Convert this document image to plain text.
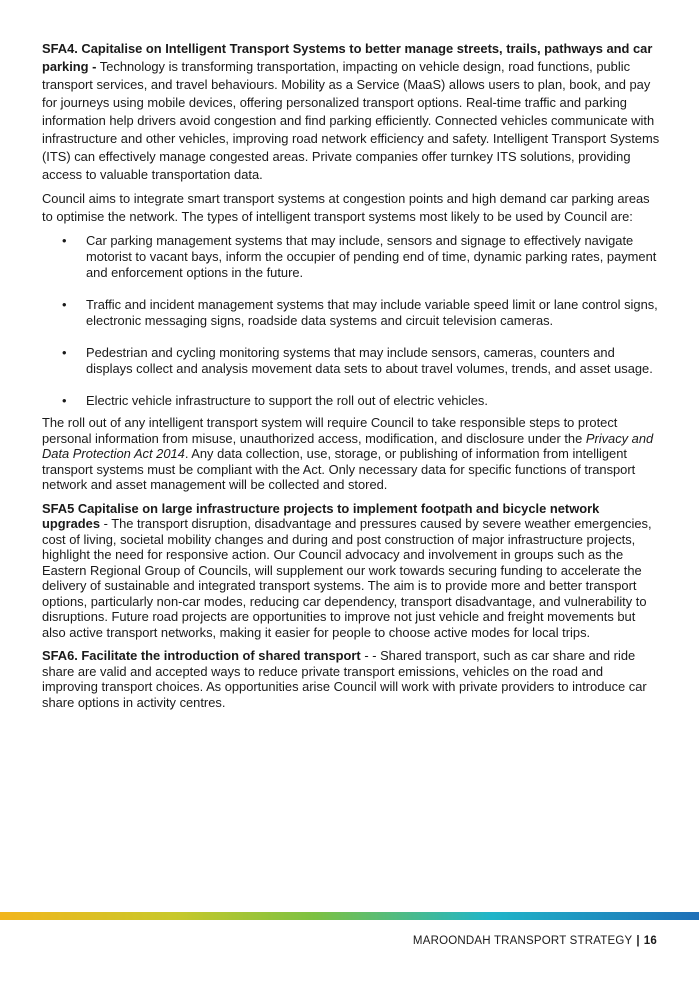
SFA4. Capitalise on Intelligent Transport Systems to better manage streets, trails, pathways and car parking - Technology is transforming transportation, impacting on vehicle design, road functions, public transport services, and travel behaviours. Mobility as a Service (MaaS) allows users to plan, book, and pay for journeys using mobile devices, offering personalized transport options. Real-time traffic and parking information help drivers avoid congestion and find parking efficiently. Connected vehicles communicate with infrastructure and other vehicles, improving road network efficiency and safety. Intelligent Transport Systems (ITS) can effectively manage congested areas. Private companies offer turnkey ITS solutions, providing access to valuable transportation data.

Council aims to integrate smart transport systems at congestion points and high demand car parking areas to optimise the network. The types of intelligent transport systems most likely to be used by Council are:

• Car parking management systems that may include, sensors and signage to effectively navigate motorist to vacant bays, inform the occupier of pending end of time, dynamic parking rates, payment and enforcement options in the future.
• Traffic and incident management systems that may include variable speed limit or lane control signs, electronic messaging signs, roadside data systems and circuit television cameras.
• Pedestrian and cycling monitoring systems that may include sensors, cameras, counters and displays collect and analysis movement data sets to about travel volumes, trends, and asset usage.
• Electric vehicle infrastructure to support the roll out of electric vehicles.

The roll out of any intelligent transport system will require Council to take responsible steps to protect personal information from misuse, unauthorized access, modification, and disclosure under the Privacy and Data Protection Act 2014. Any data collection, use, storage, or publishing of information from intelligent transport systems must be compliant with the Act. Only necessary data for specific functions of transport network and asset management will be collected and stored.

SFA5 Capitalise on large infrastructure projects to implement footpath and bicycle network upgrades - The transport disruption, disadvantage and pressures caused by severe weather emergencies, cost of living, societal mobility changes and during and post construction of major infrastructure projects, highlight the need for responsive action. Our Council advocacy and involvement in groups such as the Eastern Regional Group of Councils, will supplement our work towards securing funding to accelerate the delivery of sustainable and integrated transport systems. The aim is to provide more and better transport options, particularly non-car modes, reducing car dependency, transport disadvantage, and vulnerability to disruptions. Future road projects are opportunities to improve not just vehicle and freight movements but also active transport networks, making it easier for people to choose active modes for local trips.

SFA6. Facilitate the introduction of shared transport - - Shared transport, such as car share and ride share are valid and accepted ways to reduce private transport emissions, vehicles on the road and improving transport choices. As opportunities arise Council will work with private providers to introduce car share options in activity centres.

MAROONDAH TRANSPORT STRATEGY | 16
